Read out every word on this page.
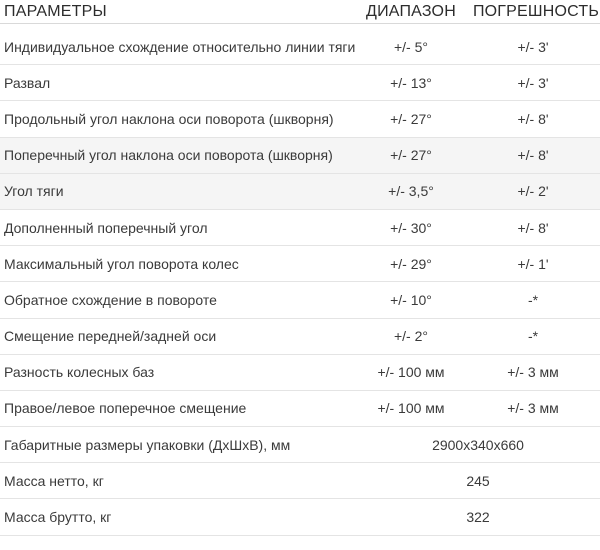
ПАРАМЕТРЫ	ДИАПАЗОН	ПОГРЕШНОСТЬ
Индивидуальное схождение относительно линии тяги	+/- 5°	+/- 3'
Развал	+/- 13°	+/- 3'
Продольный угол наклона оси поворота (шкворня)	+/- 27°	+/- 8'
Поперечный угол наклона оси поворота (шкворня)	+/- 27°	+/- 8'
Угол тяги	+/- 3,5°	+/- 2'
Дополненный поперечный угол	+/- 30°	+/- 8'
Максимальный угол поворота колес	+/- 29°	+/- 1'
Обратное схождение в повороте	+/- 10°	-*
Смещение передней/задней оси	+/- 2°	-*
Разность колесных баз	+/- 100 мм	+/- 3 мм
Правое/левое поперечное смещение	+/- 100 мм	+/- 3 мм
Габаритные размеры упаковки (ДхШхВ), мм	2900x340x660
Масса нетто, кг	245
Масса брутто, кг	322
